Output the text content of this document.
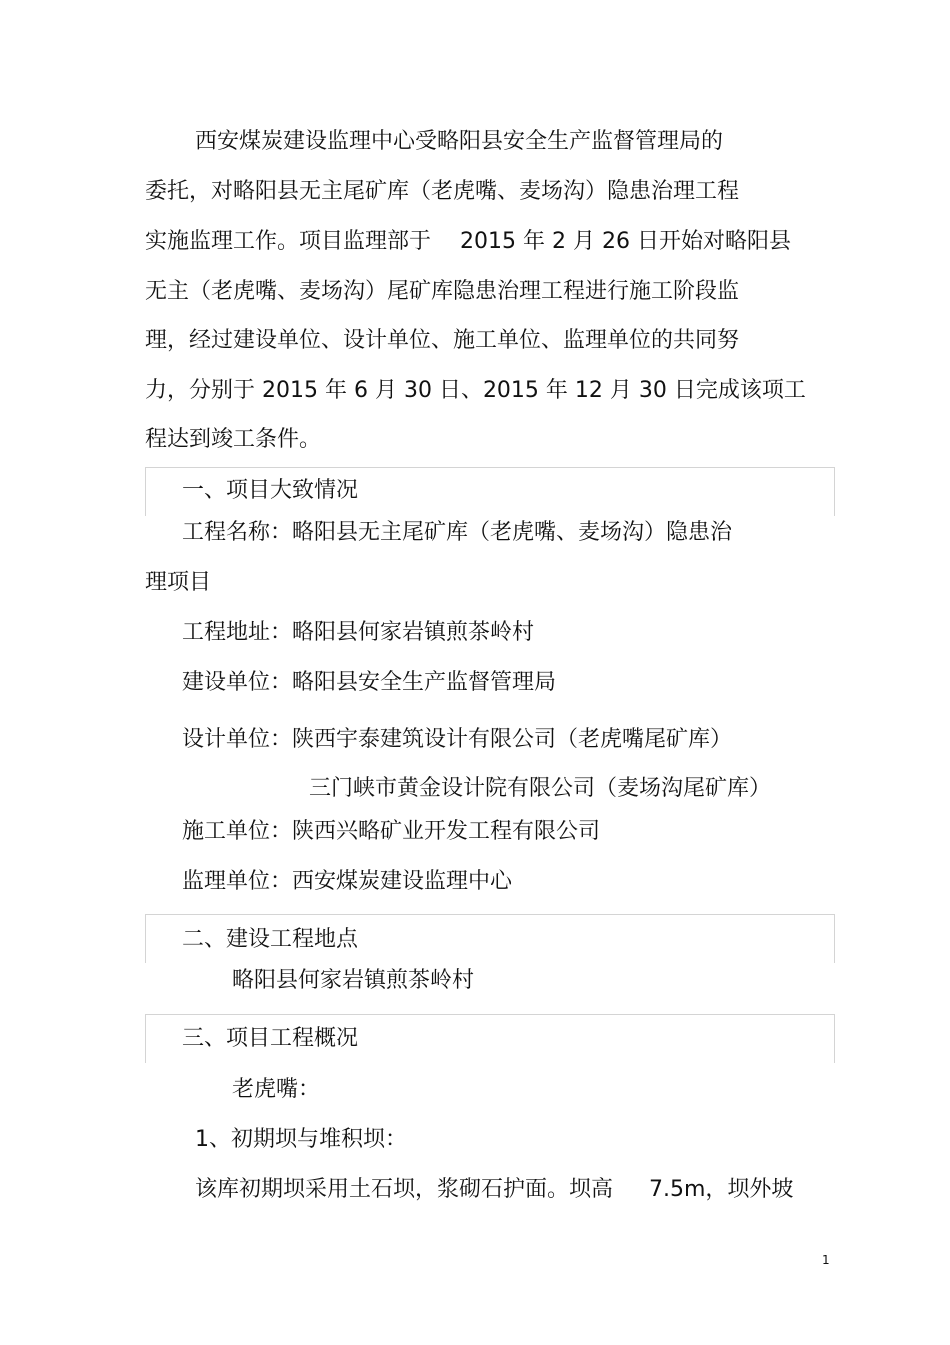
西安煤炭建设监理中心受略阳县安全生产监督管理局的
委托，对略阳县无主尾矿库（老虎嘴、麦场沟）隐患治理工程
实施监理工作。项目监理部于 　2015 年 2 月 26 日开始对略阳县
无主（老虎嘴、麦场沟）尾矿库隐患治理工程进行施工阶段监
理，经过建设单位、设计单位、施工单位、监理单位的共同努
力，分别于 2015 年 6 月 30 日、2015 年 12 月 30 日完成该项工
程达到竣工条件。
一、项目大致情况
工程名称：略阳县无主尾矿库（老虎嘴、麦场沟）隐患治
理项目
工程地址：略阳县何家岩镇煎茶岭村
建设单位：略阳县安全生产监督管理局
设计单位：陕西宇泰建筑设计有限公司（老虎嘴尾矿库）
三门峡市黄金设计院有限公司（麦场沟尾矿库）
施工单位：陕西兴略矿业开发工程有限公司
监理单位：西安煤炭建设监理中心
二、建设工程地点
略阳县何家岩镇煎茶岭村
三、项目工程概况
老虎嘴：
1、初期坝与堆积坝：
该库初期坝采用土石坝，浆砌石护面。坝高 　 7.5m，坝外坡
1
